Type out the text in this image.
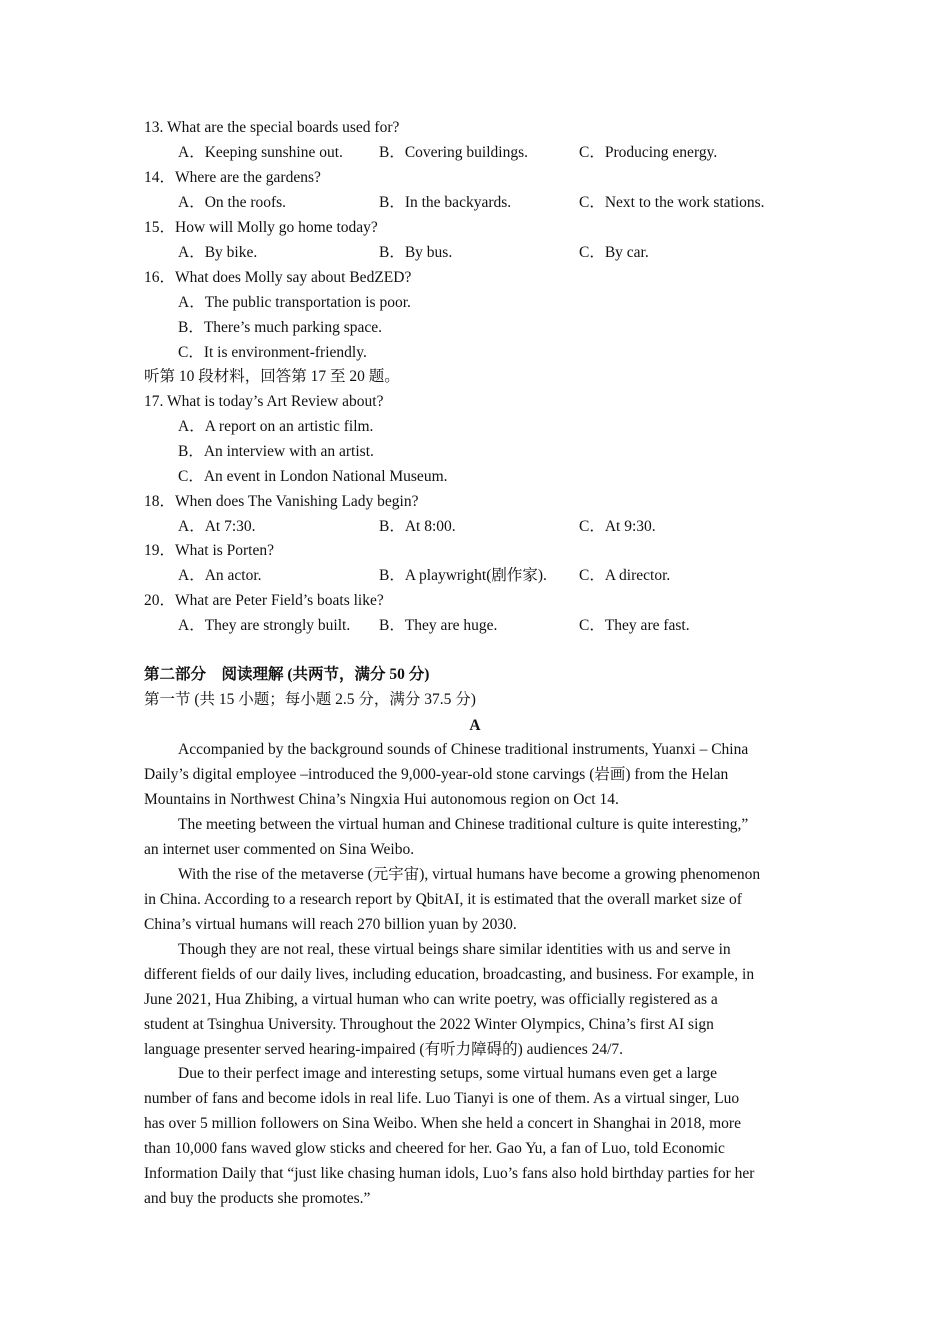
13. What are the special boards used for?
A．Keeping sunshine out. B．Covering buildings.	C．Producing energy.
14．Where are the gardens?
A．On the roofs.	B．In the backyards.	C．Next to the work stations.
15．How will Molly go home today?
A．By bike.	B．By bus.	C．By car.
16．What does Molly say about BedZED?
A．The public transportation is poor.
B．There’s much parking space.
C．It is environment-friendly.
听第 10 段材料，回答第 17 至 20 题。
17. What is today’s Art Review about?
A．A report on an artistic film.
B．An interview with an artist.
C．An event in London National Museum.
18．When does The Vanishing Lady begin?
A．At 7:30.	B．At 8:00.	C．At 9:30.
19．What is Porten?
A．An actor.	B．A playwright(剧作家). C．A director.
20．What are Peter Field’s boats like?
A．They are strongly built. B．They are huge.	C．They are fast.
第二部分　阅读理解 (共两节，满分 50 分)
第一节 (共 15 小题；每小题 2.5 分，满分 37.5 分)
A
Accompanied by the background sounds of Chinese traditional instruments, Yuanxi – China
Daily’s digital employee –introduced the 9,000-year-old stone carvings (岩画) from the Helan
Mountains in Northwest China’s Ningxia Hui autonomous region on Oct 14.
The meeting between the virtual human and Chinese traditional culture is quite interesting,”
an internet user commented on Sina Weibo.
With the rise of the metaverse (元宇宙), virtual humans have become a growing phenomenon
in China. According to a research report by QbitAI, it is estimated that the overall market size of
China’s virtual humans will reach 270 billion yuan by 2030.
Though they are not real, these virtual beings share similar identities with us and serve in
different fields of our daily lives, including education, broadcasting, and business. For example, in
June 2021, Hua Zhibing, a virtual human who can write poetry, was officially registered as a
student at Tsinghua University. Throughout the 2022 Winter Olympics, China’s first AI sign
language presenter served hearing-impaired (有听力障碍的) audiences 24/7.
Due to their perfect image and interesting setups, some virtual humans even get a large
number of fans and become idols in real life. Luo Tianyi is one of them. As a virtual singer, Luo
has over 5 million followers on Sina Weibo. When she held a concert in Shanghai in 2018, more
than 10,000 fans waved glow sticks and cheered for her. Gao Yu, a fan of Luo, told Economic
Information Daily that “just like chasing human idols, Luo’s fans also hold birthday parties for her
and buy the products she promotes.”
